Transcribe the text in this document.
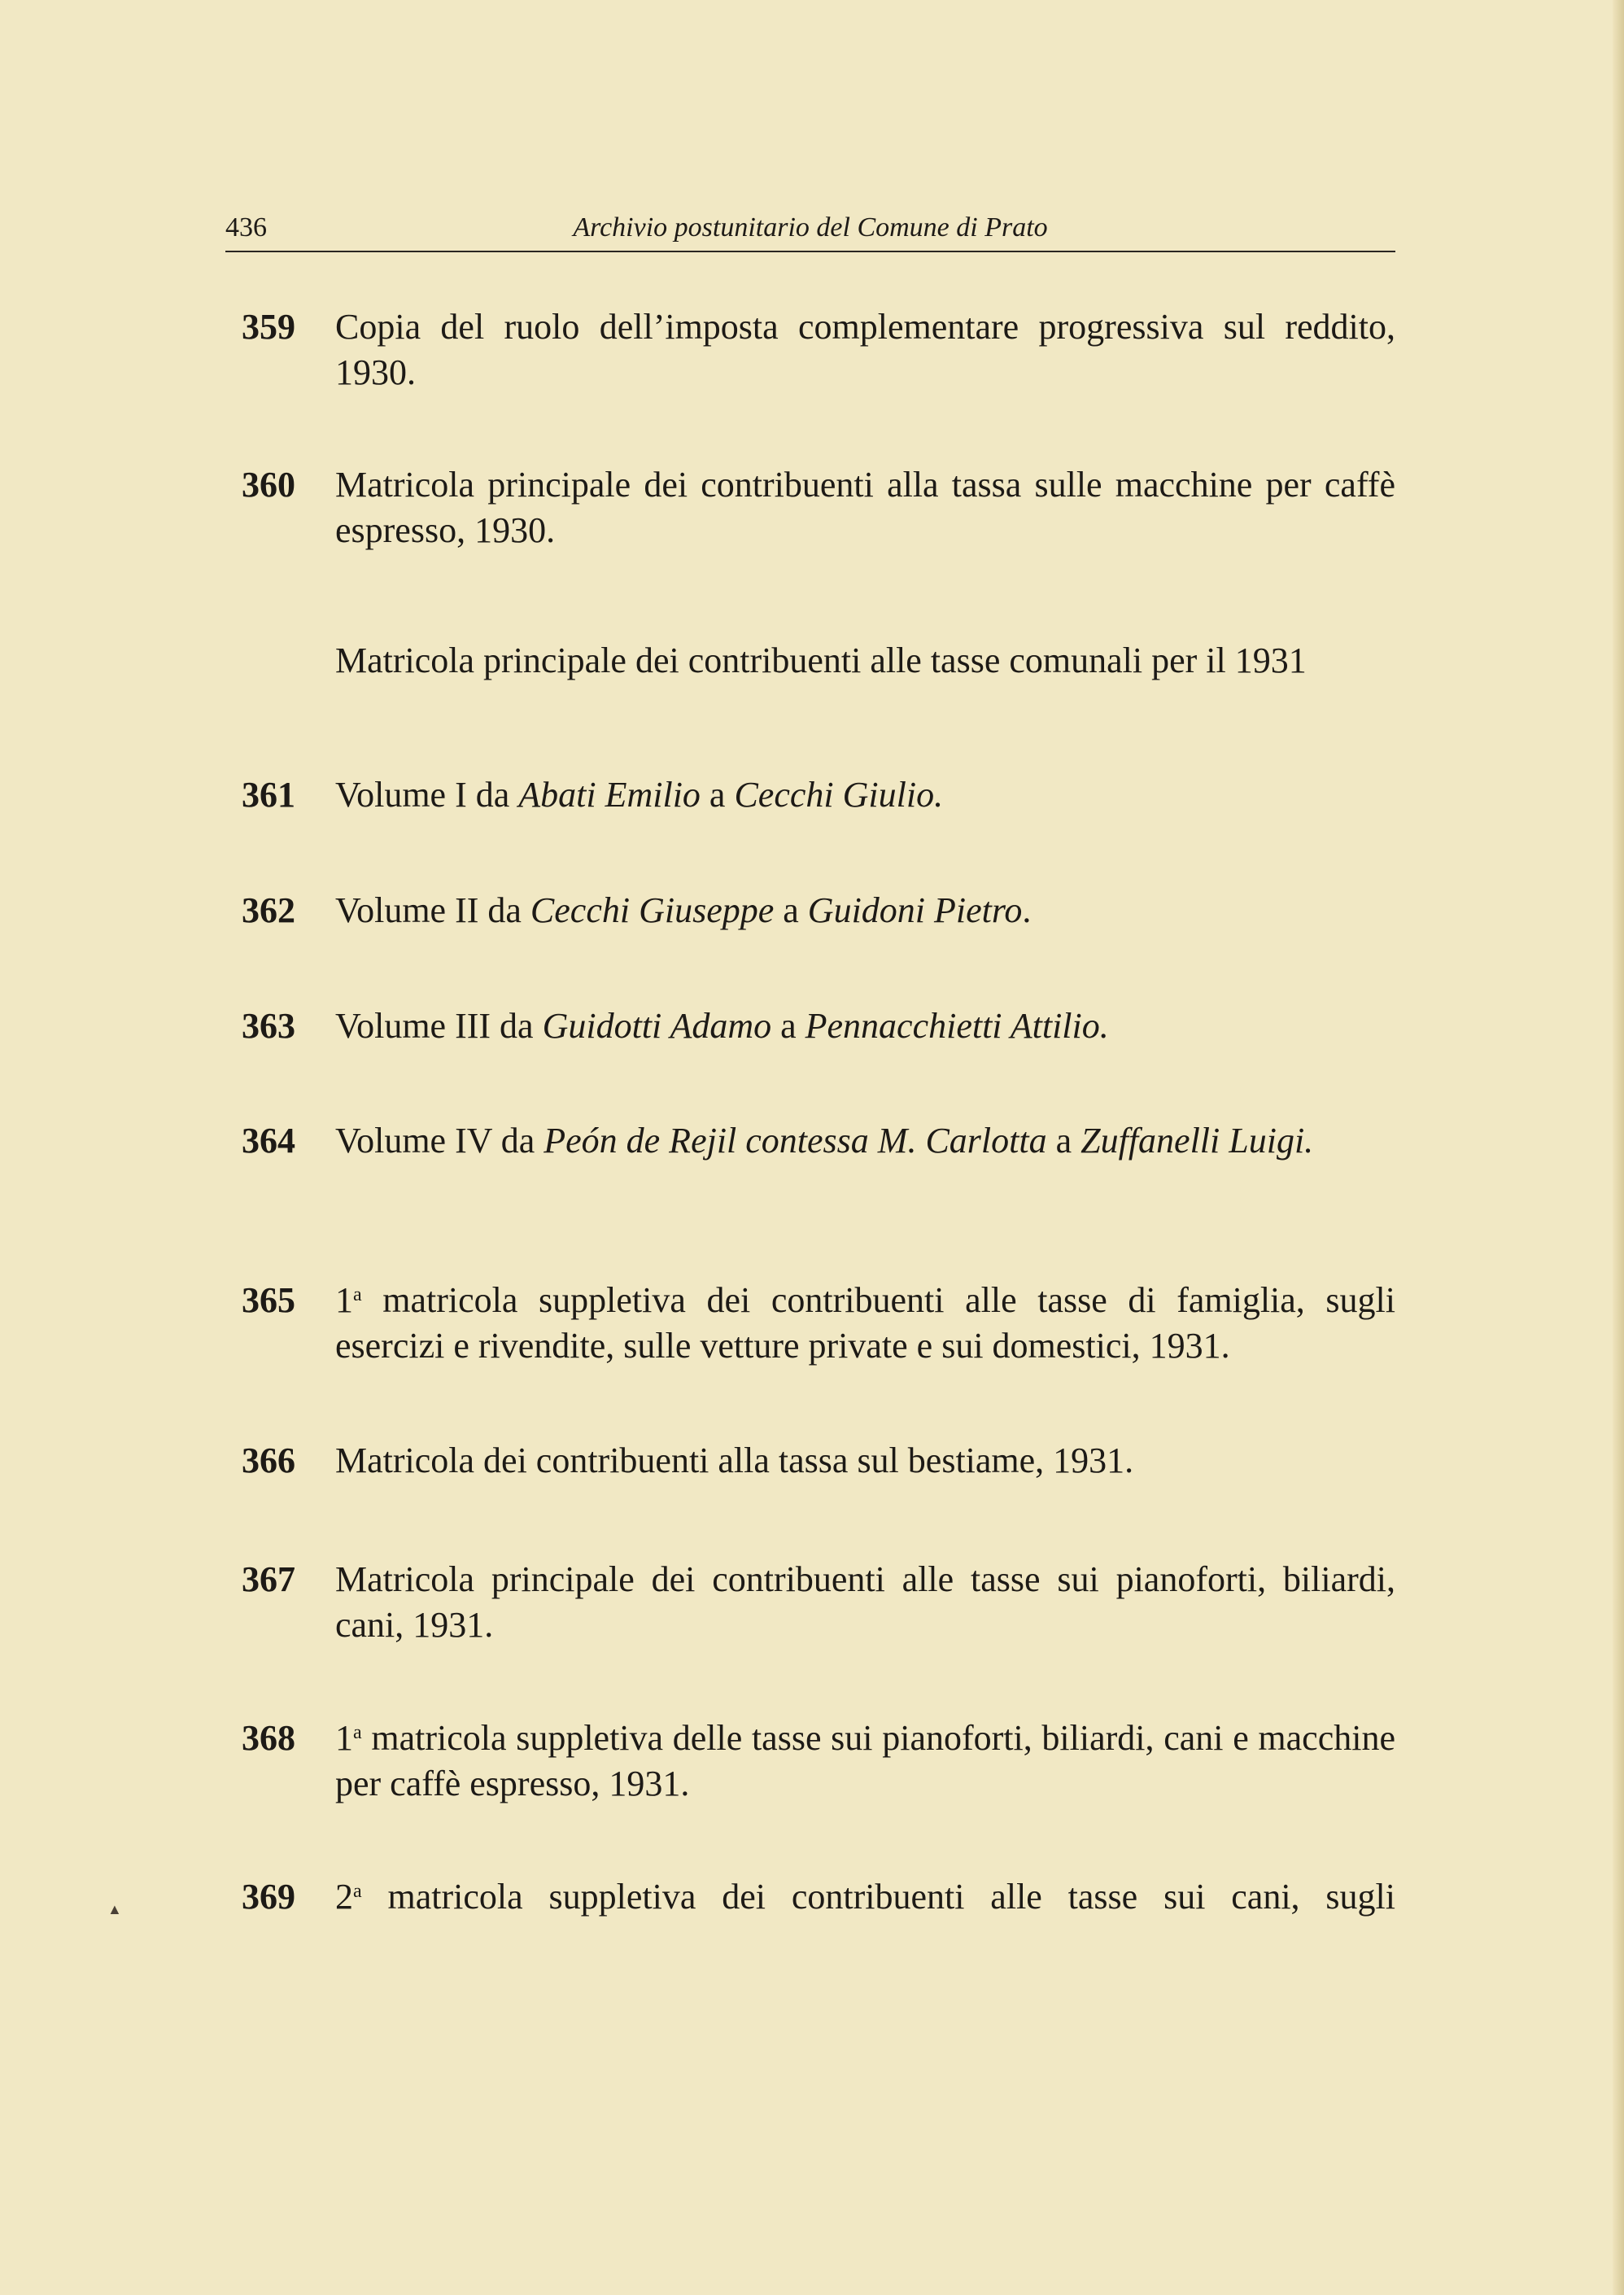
436	Archivio postunitario del Comune di Prato
359	Copia del ruolo dell’imposta complementare progressiva sul reddito, 1930.
360	Matricola principale dei contribuenti alla tassa sulle macchine per caffè espresso, 1930.
Matricola principale dei contribuenti alle tasse comunali per il 1931
361	Volume I da Abati Emilio a Cecchi Giulio.
362	Volume II da Cecchi Giuseppe a Guidoni Pietro.
363	Volume III da Guidotti Adamo a Pennacchietti Attilio.
364	Volume IV da Peón de Rejil contessa M. Carlotta a Zuffanelli Luigi.
365	1$^a$ matricola suppletiva dei contribuenti alle tasse di famiglia, sugli esercizi e rivendite, sulle vetture private e sui domestici, 1931.
366	Matricola dei contribuenti alla tassa sul bestiame, 1931.
367	Matricola principale dei contribuenti alle tasse sui pianoforti, biliardi, cani, 1931.
368	1$^a$ matricola suppletiva delle tasse sui pianoforti, biliardi, cani e macchine per caffè espresso, 1931.
369	2$^a$ matricola suppletiva dei contribuenti alle tasse sui cani, sugli
▲
